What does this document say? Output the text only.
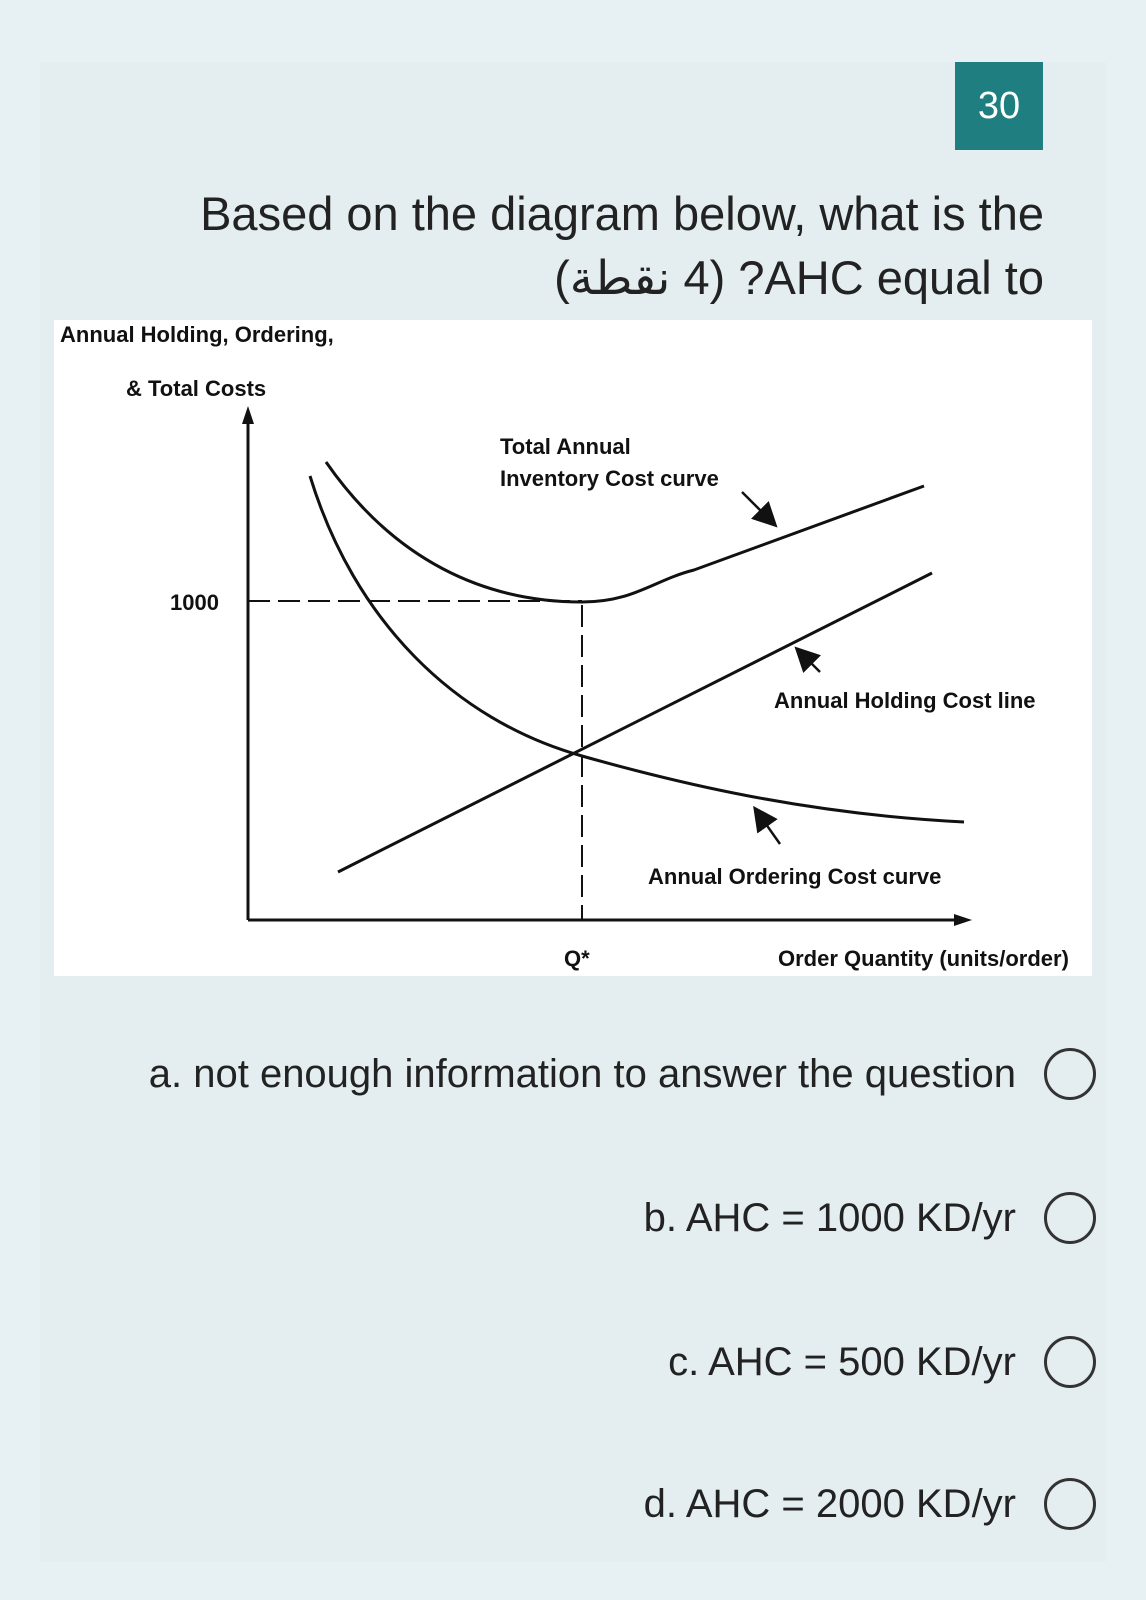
30
Based on the diagram below, what is the
(4 نقطة) ?AHC equal to
Annual Holding, Ordering,
& Total Costs
1000
Total Annual
Inventory Cost curve
Annual Holding Cost line
Annual Ordering Cost curve
Q*	Order Quantity (units/order)
a. not enough information to answer the question
b. AHC = 1000 KD/yr
c. AHC = 500 KD/yr
d. AHC = 2000 KD/yr
